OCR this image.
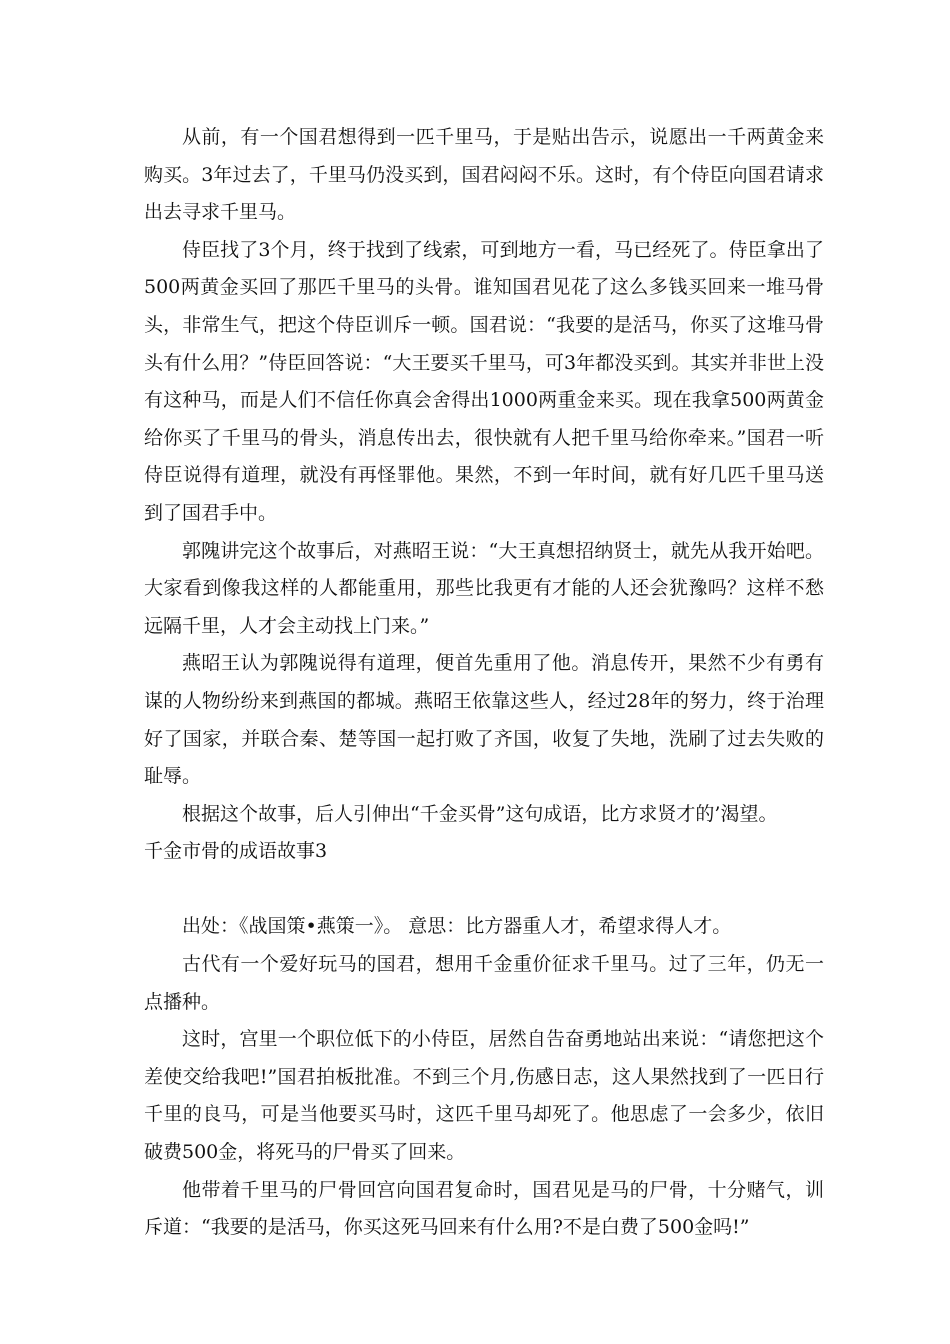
从前，有一个国君想得到一匹千里马，于是贴出告示，说愿出一千两黄金来购买。3年过去了，千里马仍没买到，国君闷闷不乐。这时，有个侍臣向国君请求出去寻求千里马。

侍臣找了3个月，终于找到了线索，可到地方一看，马已经死了。侍臣拿出了500两黄金买回了那匹千里马的头骨。谁知国君见花了这么多钱买回来一堆马骨头，非常生气，把这个侍臣训斥一顿。国君说：“我要的是活马，你买了这堆马骨头有什么用？”侍臣回答说：“大王要买千里马，可3年都没买到。其实并非世上没有这种马，而是人们不信任你真会舍得出1000两重金来买。现在我拿500两黄金给你买了千里马的骨头，消息传出去，很快就有人把千里马给你牵来。”国君一听侍臣说得有道理，就没有再怪罪他。果然，不到一年时间，就有好几匹千里马送到了国君手中。

郭隗讲完这个故事后，对燕昭王说：“大王真想招纳贤士，就先从我开始吧。大家看到像我这样的人都能重用，那些比我更有才能的人还会犹豫吗？这样不愁远隔千里，人才会主动找上门来。”

燕昭王认为郭隗说得有道理，便首先重用了他。消息传开，果然不少有勇有谋的人物纷纷来到燕国的都城。燕昭王依靠这些人，经过28年的努力，终于治理好了国家，并联合秦、楚等国一起打败了齐国，收复了失地，洗刷了过去失败的耻辱。

根据这个故事，后人引伸出“千金买骨”这句成语，比方求贤才的’渴望。

千金市骨的成语故事3

出处：《战国策•燕策一》。 意思：比方器重人才，希望求得人才。

古代有一个爱好玩马的国君，想用千金重价征求千里马。过了三年，仍无一点播种。

这时，宫里一个职位低下的小侍臣，居然自告奋勇地站出来说：“请您把这个差使交给我吧!”国君拍板批准。不到三个月,伤感日志，这人果然找到了一匹日行千里的良马，可是当他要买马时，这匹千里马却死了。他思虑了一会多少，依旧破费500金，将死马的尸骨买了回来。

他带着千里马的尸骨回宫向国君复命时，国君见是马的尸骨，十分赌气，训斥道：“我要的是活马，你买这死马回来有什么用?不是白费了500金吗!”
